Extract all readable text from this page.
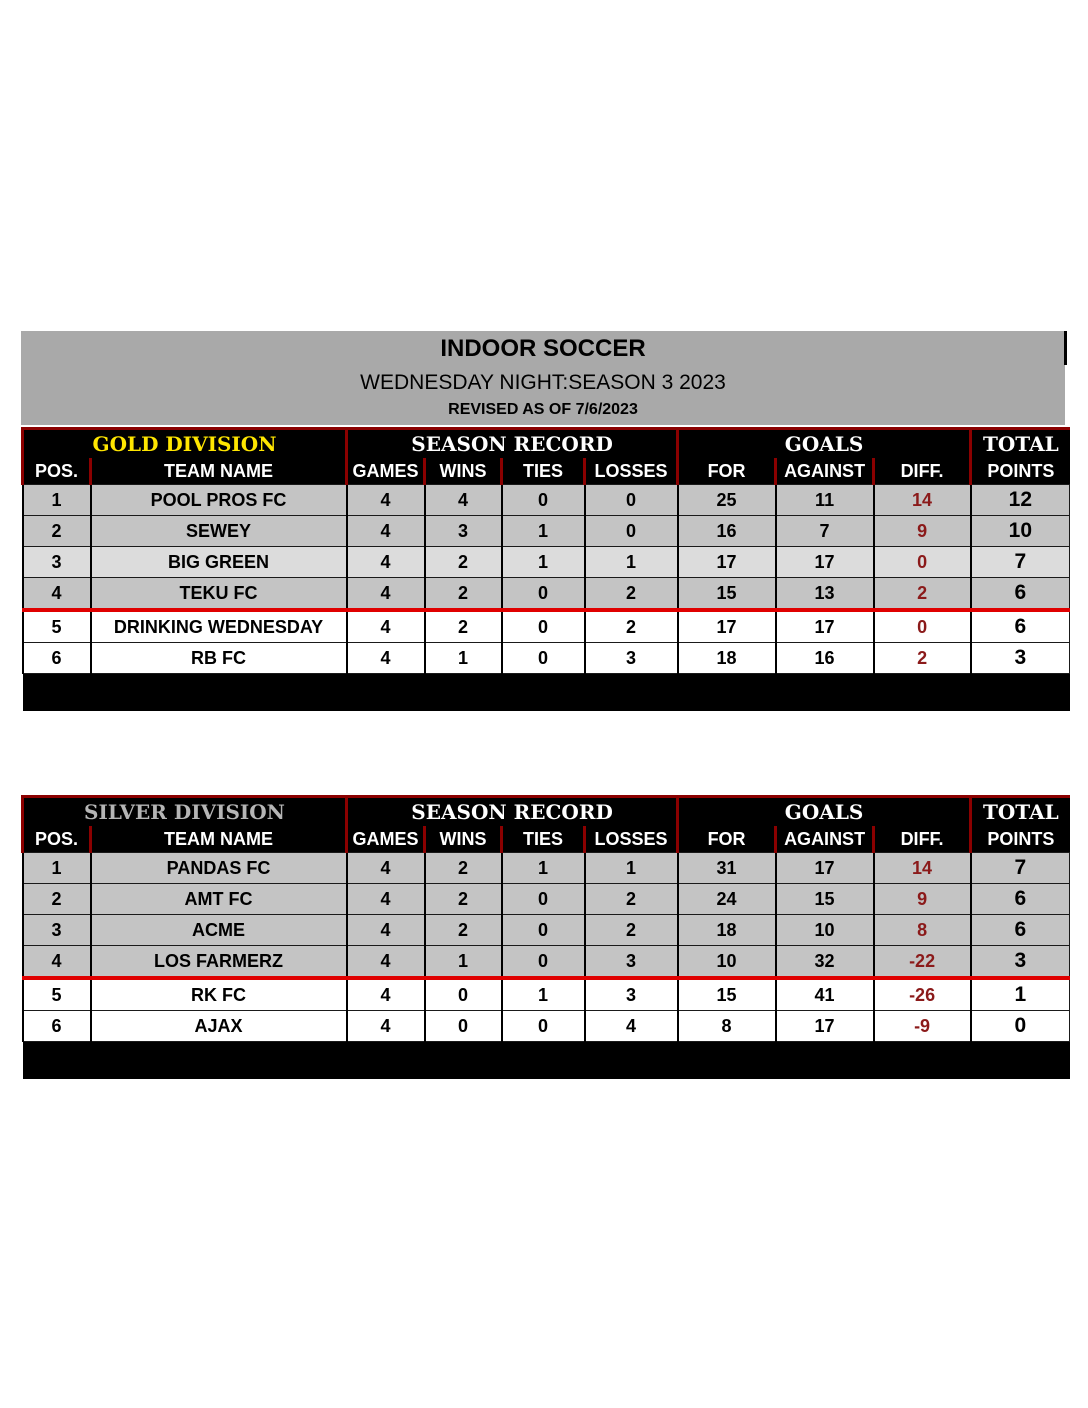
INDOOR SOCCER
WEDNESDAY NIGHT:SEASON 3 2023
REVISED AS OF 7/6/2023
GOLD DIVISION		SEASON RECORD				GOALS			TOTAL
POS.	TEAM NAME	GAMES	WINS	TIES	LOSSES	FOR	AGAINST	DIFF.	POINTS
1	POOL PROS FC	4	4	0	0	25	11	14	12
2	SEWEY	4	3	1	0	16	7	9	10
3	BIG GREEN	4	2	1	1	17	17	0	7
4	TEKU FC	4	2	0	2	15	13	2	6
5	DRINKING WEDNESDAY	4	2	0	2	17	17	0	6
6	RB FC	4	1	0	3	18	16	2	3

SILVER DIVISION		SEASON RECORD				GOALS			TOTAL
POS.	TEAM NAME	GAMES	WINS	TIES	LOSSES	FOR	AGAINST	DIFF.	POINTS
1	PANDAS FC	4	2	1	1	31	17	14	7
2	AMT FC	4	2	0	2	24	15	9	6
3	ACME	4	2	0	2	18	10	8	6
4	LOS FARMERZ	4	1	0	3	10	32	-22	3
5	RK FC	4	0	1	3	15	41	-26	1
6	AJAX	4	0	0	4	8	17	-9	0
